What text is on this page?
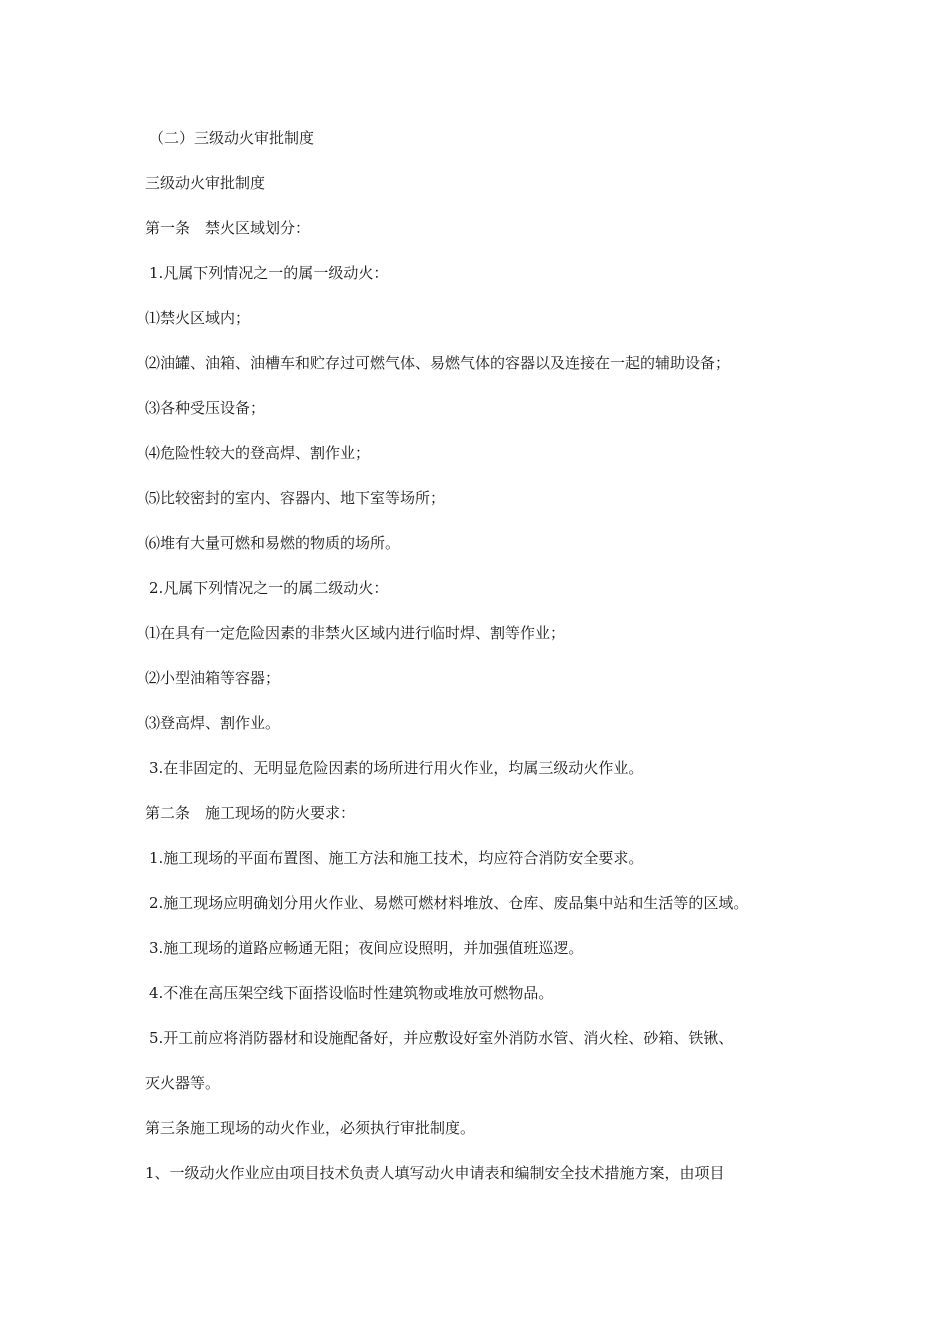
（二）三级动火审批制度
三级动火审批制度
第一条　禁火区域划分：
1.凡属下列情况之一的属一级动火：
⑴禁火区域内；
⑵油罐、油箱、油槽车和贮存过可燃气体、易燃气体的容器以及连接在一起的辅助设备；
⑶各种受压设备；
⑷危险性较大的登高焊、割作业；
⑸比较密封的室内、容器内、地下室等场所；
⑹堆有大量可燃和易燃的物质的场所。
2.凡属下列情况之一的属二级动火：
⑴在具有一定危险因素的非禁火区域内进行临时焊、割等作业；
⑵小型油箱等容器；
⑶登高焊、割作业。
3.在非固定的、无明显危险因素的场所进行用火作业，均属三级动火作业。
第二条　施工现场的防火要求：
1.施工现场的平面布置图、施工方法和施工技术，均应符合消防安全要求。
2.施工现场应明确划分用火作业、易燃可燃材料堆放、仓库、废品集中站和生活等的区域。
3.施工现场的道路应畅通无阻；夜间应设照明，并加强值班巡逻。
4.不准在高压架空线下面搭设临时性建筑物或堆放可燃物品。
5.开工前应将消防器材和设施配备好，并应敷设好室外消防水管、消火栓、砂箱、铁锹、
灭火器等。
第三条施工现场的动火作业，必须执行审批制度。
1、一级动火作业应由项目技术负责人填写动火申请表和编制安全技术措施方案，由项目
